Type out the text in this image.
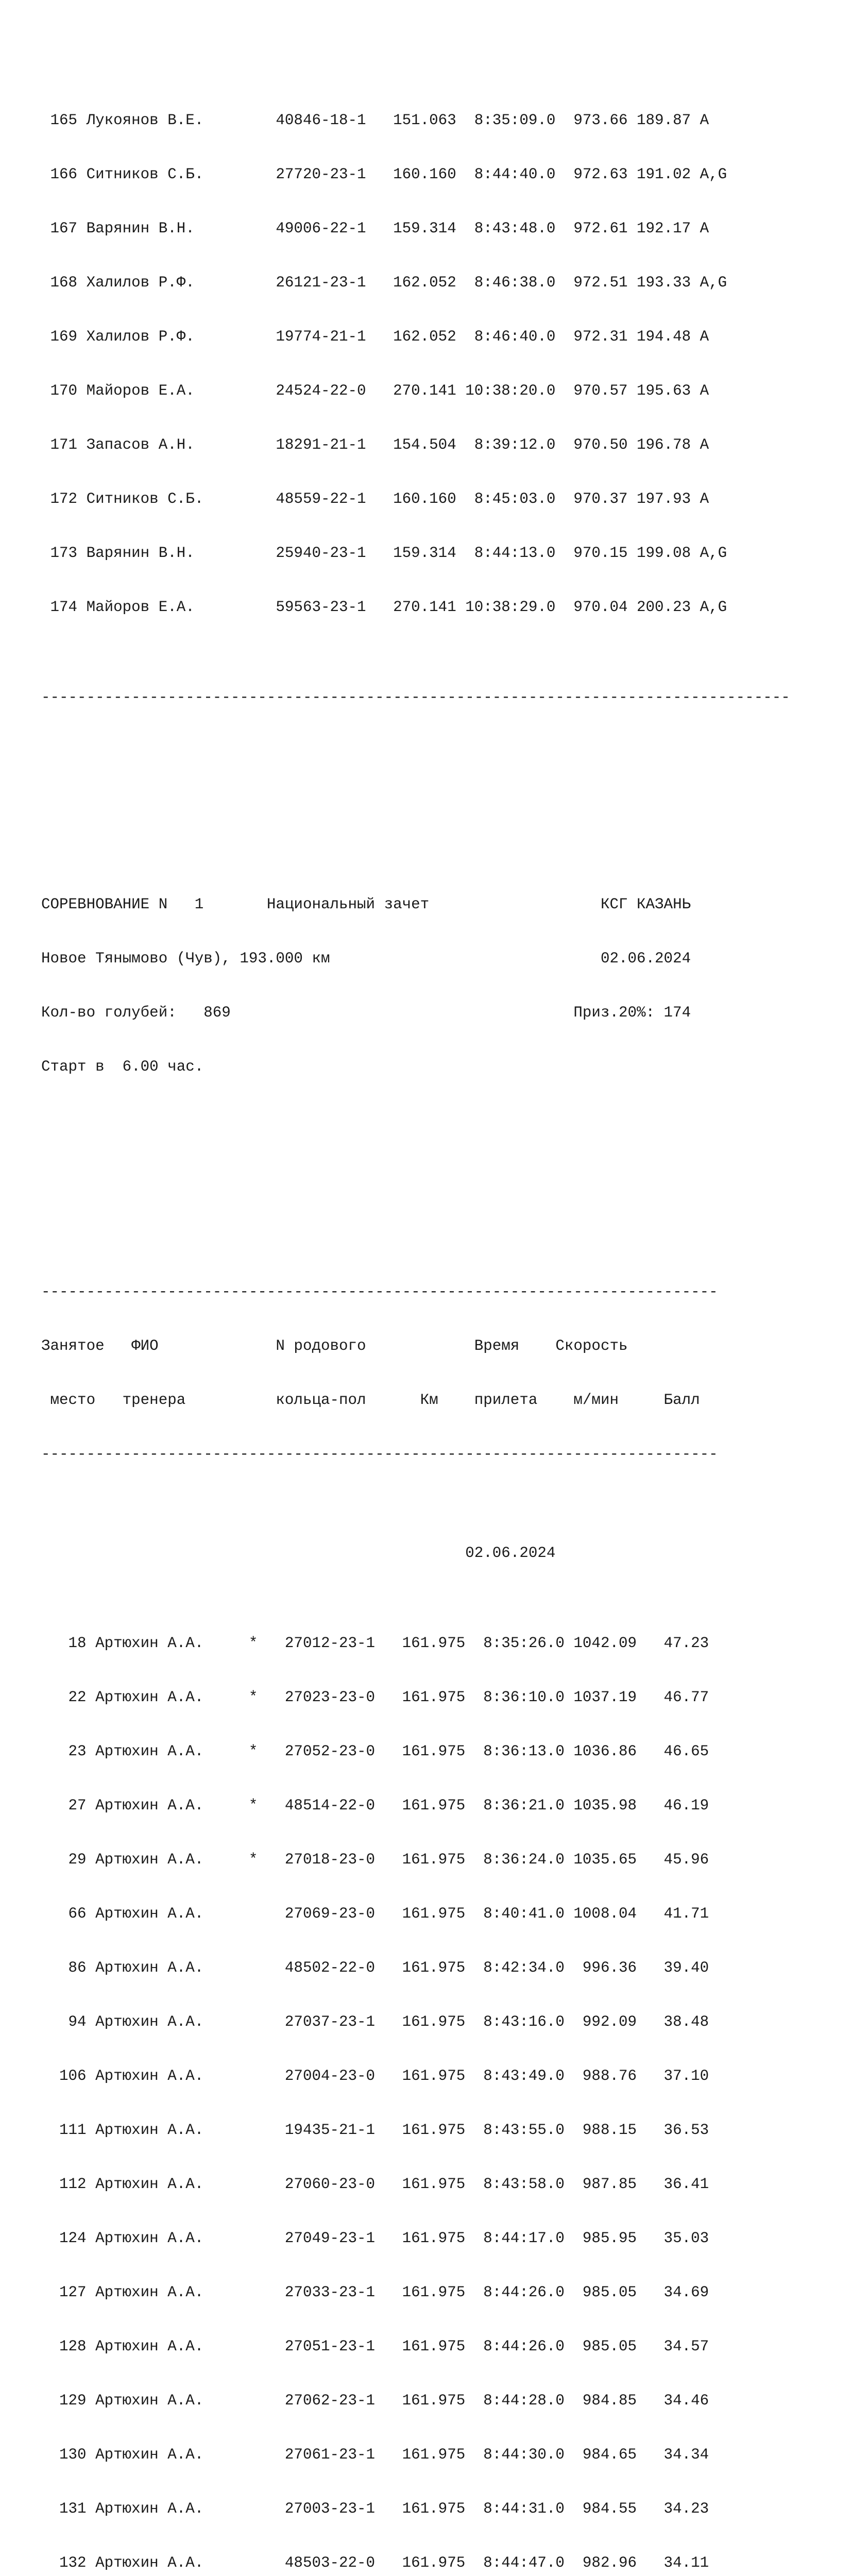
165 Лукоянов В.Е.        40846-18-1   151.063  8:35:09.0  973.66 189.87 A

166 Ситников С.Б.        27720-23-1   160.160  8:44:40.0  972.63 191.02 A,G

167 Варянин В.Н.         49006-22-1   159.314  8:43:48.0  972.61 192.17 A

168 Халилов Р.Ф.         26121-23-1   162.052  8:46:38.0  972.51 193.33 A,G

169 Халилов Р.Ф.         19774-21-1   162.052  8:46:40.0  972.31 194.48 A

170 Майоров Е.А.         24524-22-0   270.141 10:38:20.0  970.57 195.63 A

171 Запасов А.Н.         18291-21-1   154.504  8:39:12.0  970.50 196.78 A

172 Ситников С.Б.        48559-22-1   160.160  8:45:03.0  970.37 197.93 A

173 Варянин В.Н.         25940-23-1   159.314  8:44:13.0  970.15 199.08 A,G

174 Майоров Е.А.         59563-23-1   270.141 10:38:29.0  970.04 200.23 A,G

-----------------------------------------------------------------------------------

СОРЕВНОВАНИЕ N   1       Национальный зачет                   КСГ КАЗАНЬ

Новое Тянымово (Чув), 193.000 км                              02.06.2024

Кол-во голубей:   869                                      Приз.20%: 174

Старт в  6.00 час.

---------------------------------------------------------------------------

Занятое   ФИО             N родового            Время    Скорость

место   тренера          кольца-пол      Км    прилета    м/мин     Балл

---------------------------------------------------------------------------

02.06.2024

18 Артюхин А.А.     *   27012-23-1   161.975  8:35:26.0 1042.09   47.23

22 Артюхин А.А.     *   27023-23-0   161.975  8:36:10.0 1037.19   46.77

23 Артюхин А.А.     *   27052-23-0   161.975  8:36:13.0 1036.86   46.65

27 Артюхин А.А.     *   48514-22-0   161.975  8:36:21.0 1035.98   46.19

29 Артюхин А.А.     *   27018-23-0   161.975  8:36:24.0 1035.65   45.96

66 Артюхин А.А.         27069-23-0   161.975  8:40:41.0 1008.04   41.71

86 Артюхин А.А.         48502-22-0   161.975  8:42:34.0  996.36   39.40

94 Артюхин А.А.         27037-23-1   161.975  8:43:16.0  992.09   38.48

106 Артюхин А.А.         27004-23-0   161.975  8:43:49.0  988.76   37.10

111 Артюхин А.А.         19435-21-1   161.975  8:43:55.0  988.15   36.53

112 Артюхин А.А.         27060-23-0   161.975  8:43:58.0  987.85   36.41

124 Артюхин А.А.         27049-23-1   161.975  8:44:17.0  985.95   35.03

127 Артюхин А.А.         27033-23-1   161.975  8:44:26.0  985.05   34.69

128 Артюхин А.А.         27051-23-1   161.975  8:44:26.0  985.05   34.57

129 Артюхин А.А.         27062-23-1   161.975  8:44:28.0  984.85   34.46

130 Артюхин А.А.         27061-23-1   161.975  8:44:30.0  984.65   34.34

131 Артюхин А.А.         27003-23-1   161.975  8:44:31.0  984.55   34.23

132 Артюхин А.А.         48503-22-0   161.975  8:44:47.0  982.96   34.11
